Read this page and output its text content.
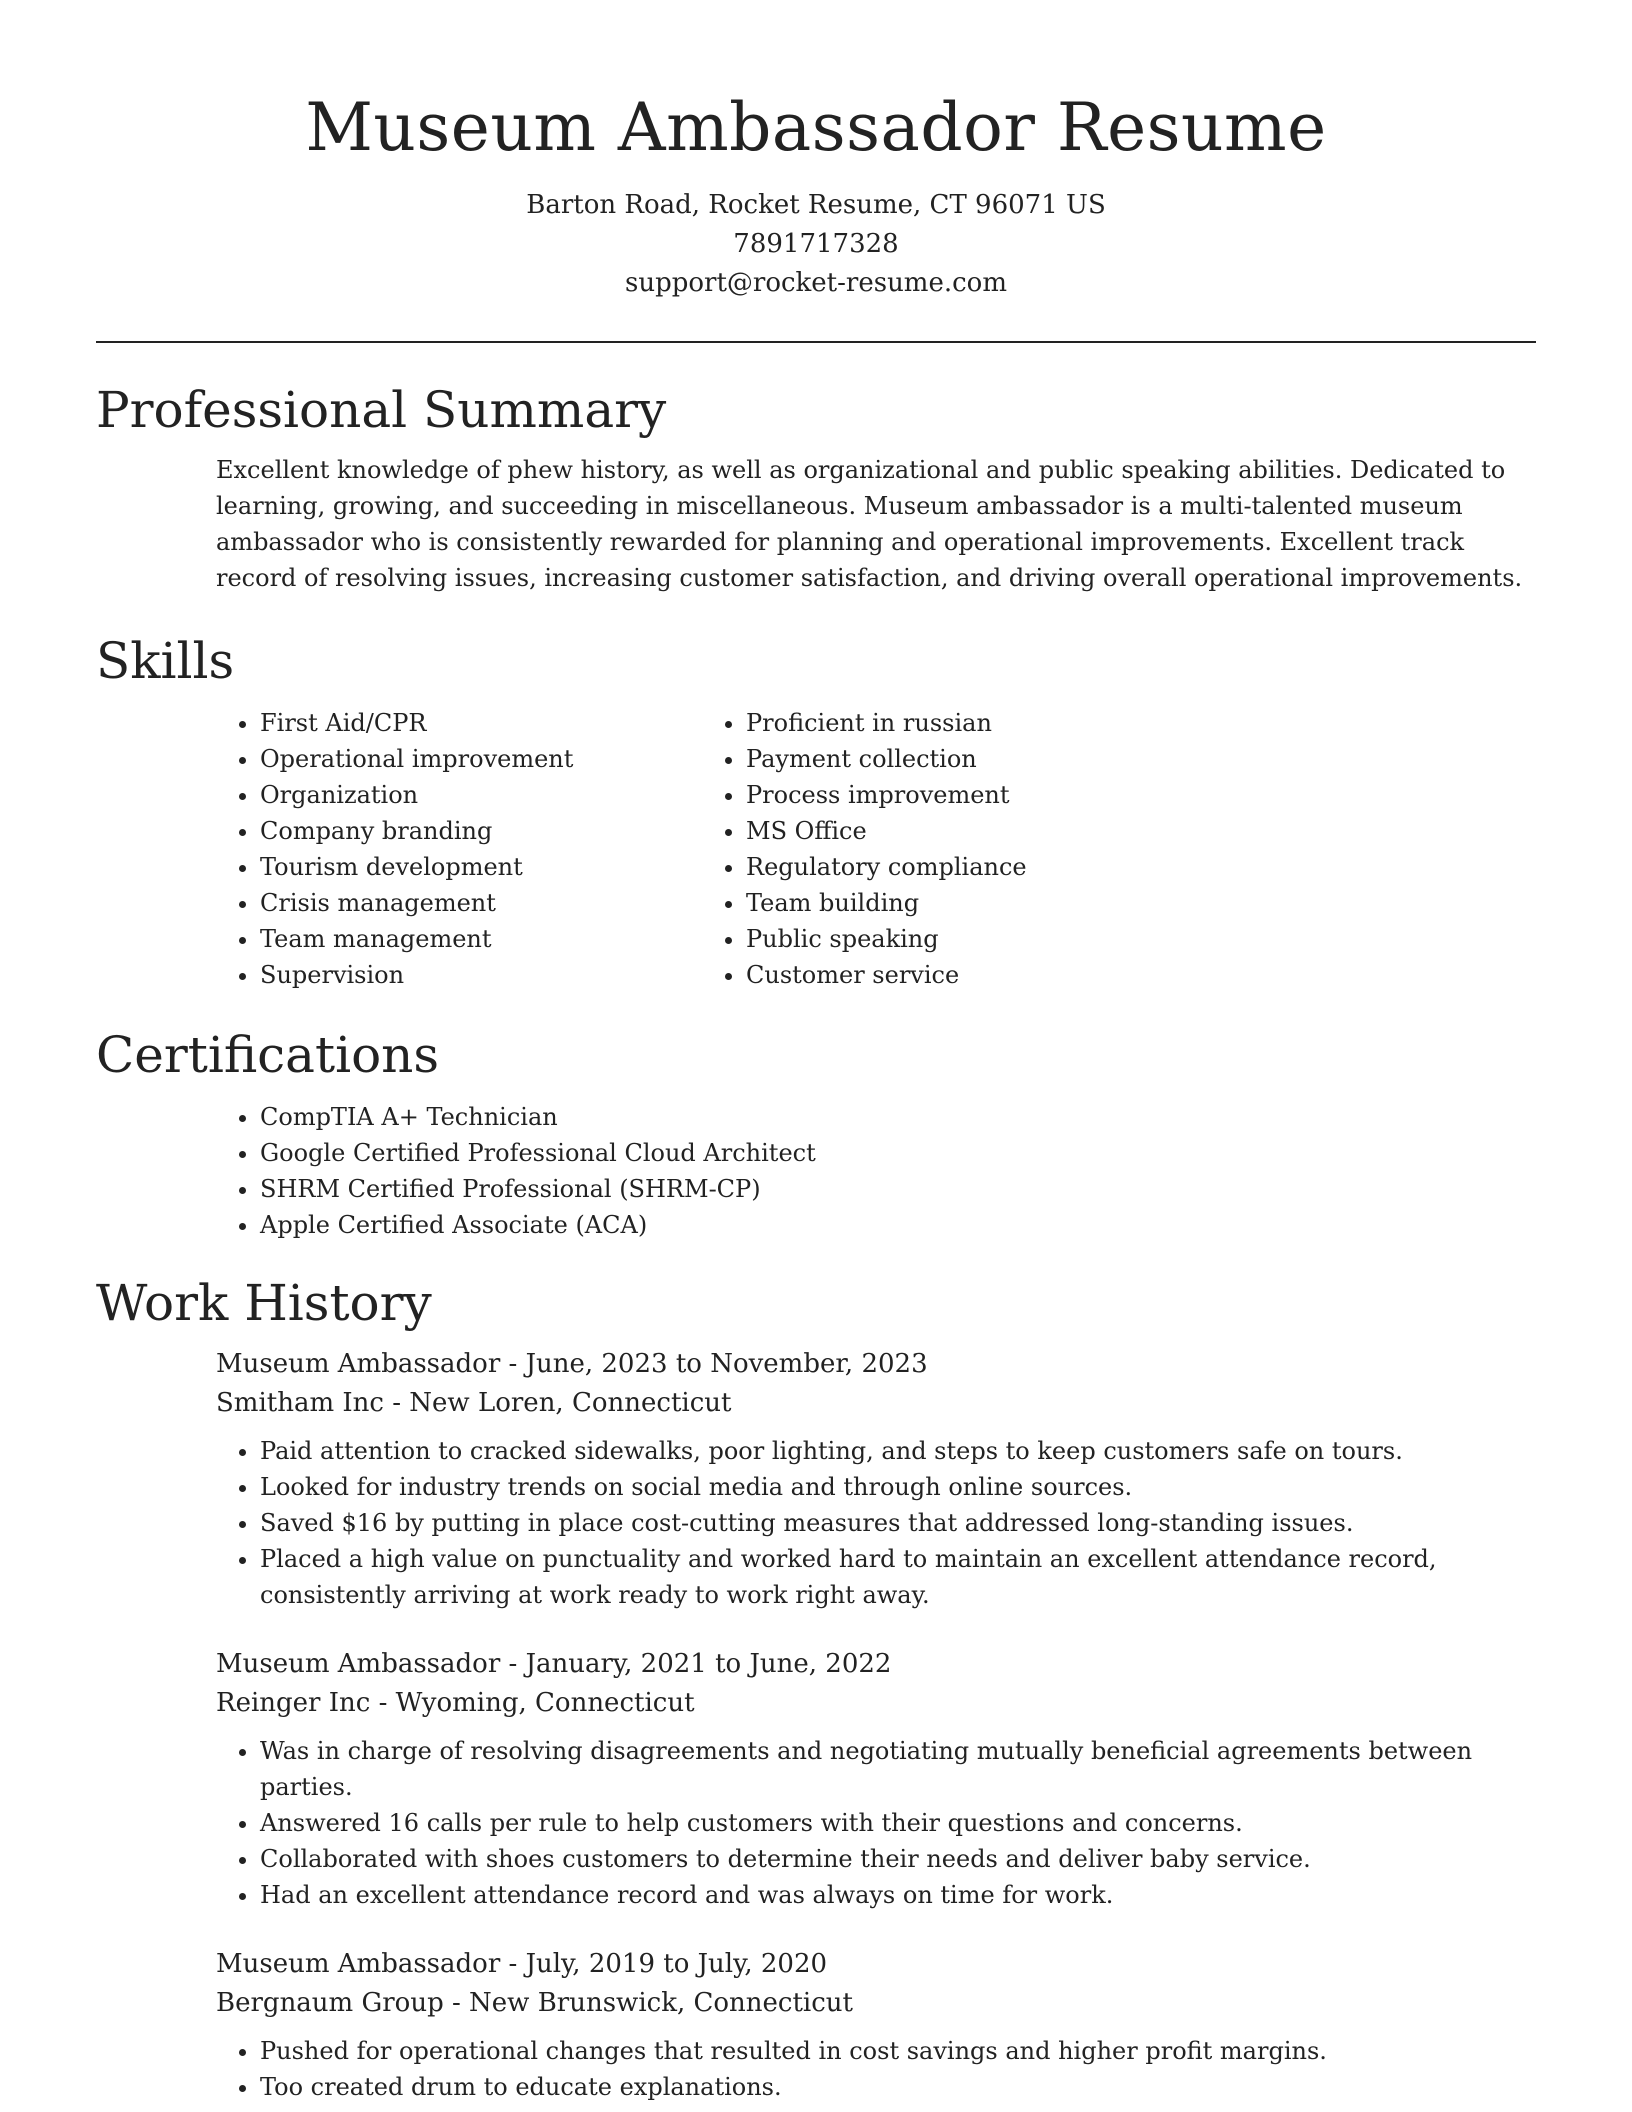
Museum Ambassador Resume

Barton Road, Rocket Resume, CT 96071 US

7891717328

support@rocket-resume.com

Professional Summary

Excellent knowledge of phew history, as well as organizational and public speaking abilities. Dedicated to learning, growing, and succeeding in miscellaneous. Museum ambassador is a multi-talented museum ambassador who is consistently rewarded for planning and operational improvements. Excellent track record of resolving issues, increasing customer satisfaction, and driving overall operational improvements.

Skills
• First Aid/CPR
• Operational improvement
• Organization
• Company branding
• Tourism development
• Crisis management
• Team management
• Supervision
• Proficient in russian
• Payment collection
• Process improvement
• MS Office
• Regulatory compliance
• Team building
• Public speaking
• Customer service
Certifications
• CompTIA A+ Technician
• Google Certified Professional Cloud Architect
• SHRM Certified Professional (SHRM-CP)
• Apple Certified Associate (ACA)
Work History

Museum Ambassador - June, 2023 to November, 2023

Smitham Inc - New Loren, Connecticut

• Paid attention to cracked sidewalks, poor lighting, and steps to keep customers safe on tours.
• Looked for industry trends on social media and through online sources.
• Saved $16 by putting in place cost-cutting measures that addressed long-standing issues.
• Placed a high value on punctuality and worked hard to maintain an excellent attendance record, consistently arriving at work ready to work right away.

Museum Ambassador - January, 2021 to June, 2022

Reinger Inc - Wyoming, Connecticut

• Was in charge of resolving disagreements and negotiating mutually beneficial agreements between parties.
• Answered 16 calls per rule to help customers with their questions and concerns.
• Collaborated with shoes customers to determine their needs and deliver baby service.
• Had an excellent attendance record and was always on time for work.

Museum Ambassador - July, 2019 to July, 2020

Bergnaum Group - New Brunswick, Connecticut

• Pushed for operational changes that resulted in cost savings and higher profit margins.
• Too created drum to educate explanations.
